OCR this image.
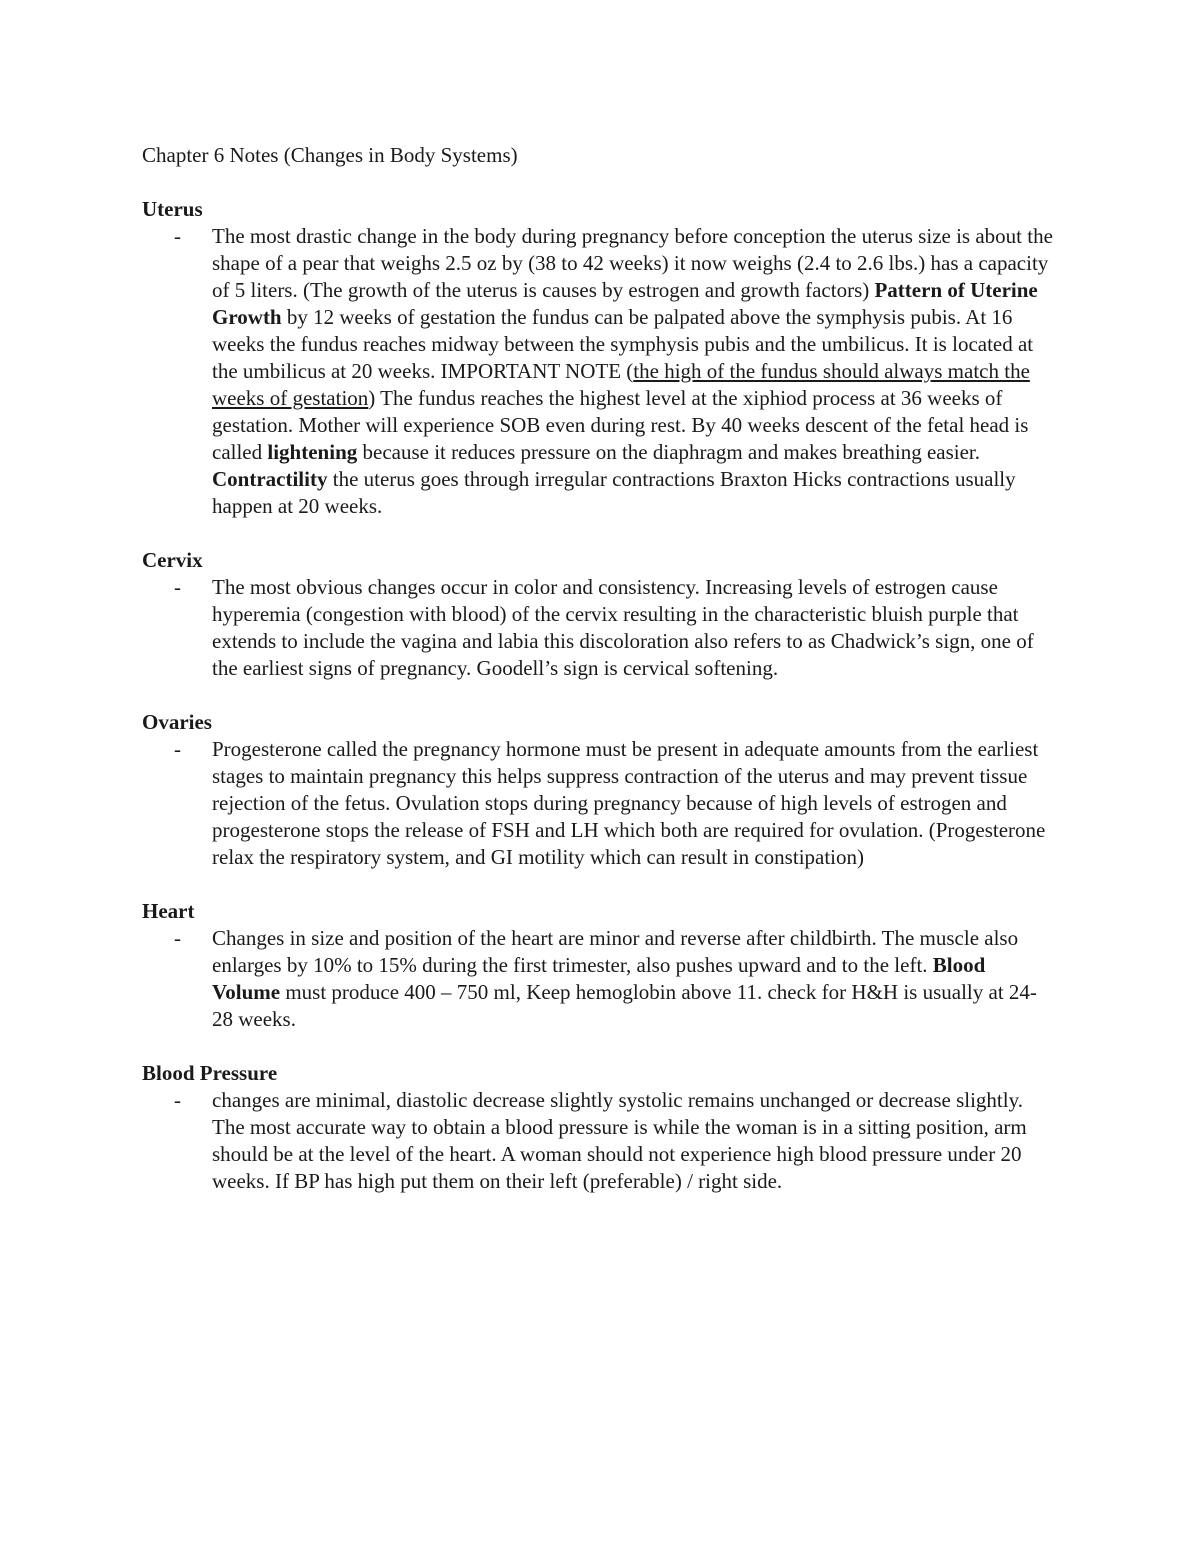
Chapter 6 Notes (Changes in Body Systems)

Uterus

- The most drastic change in the body during pregnancy before conception the uterus size is about the shape of a pear that weighs 2.5 oz by (38 to 42 weeks) it now weighs (2.4 to 2.6 lbs.) has a capacity of 5 liters. (The growth of the uterus is causes by estrogen and growth factors) Pattern of Uterine Growth by 12 weeks of gestation the fundus can be palpated above the symphysis pubis. At 16 weeks the fundus reaches midway between the symphysis pubis and the umbilicus. It is located at the umbilicus at 20 weeks. IMPORTANT NOTE (the high of the fundus should always match the weeks of gestation) The fundus reaches the highest level at the xiphiod process at 36 weeks of gestation. Mother will experience SOB even during rest. By 40 weeks descent of the fetal head is called lightening because it reduces pressure on the diaphragm and makes breathing easier. Contractility the uterus goes through irregular contractions Braxton Hicks contractions usually happen at 20 weeks.

Cervix

- The most obvious changes occur in color and consistency. Increasing levels of estrogen cause hyperemia (congestion with blood) of the cervix resulting in the characteristic bluish purple that extends to include the vagina and labia this discoloration also refers to as Chadwick’s sign, one of the earliest signs of pregnancy. Goodell’s sign is cervical softening.

Ovaries

- Progesterone called the pregnancy hormone must be present in adequate amounts from the earliest stages to maintain pregnancy this helps suppress contraction of the uterus and may prevent tissue rejection of the fetus. Ovulation stops during pregnancy because of high levels of estrogen and progesterone stops the release of FSH and LH which both are required for ovulation. (Progesterone relax the respiratory system, and GI motility which can result in constipation)

Heart

- Changes in size and position of the heart are minor and reverse after childbirth. The muscle also enlarges by 10% to 15% during the first trimester, also pushes upward and to the left. Blood Volume must produce 400 – 750 ml, Keep hemoglobin above 11. check for H&H is usually at 24- 28 weeks.

Blood Pressure

- changes are minimal, diastolic decrease slightly systolic remains unchanged or decrease slightly. The most accurate way to obtain a blood pressure is while the woman is in a sitting position, arm should be at the level of the heart. A woman should not experience high blood pressure under 20 weeks. If BP has high put them on their left (preferable) / right side.
